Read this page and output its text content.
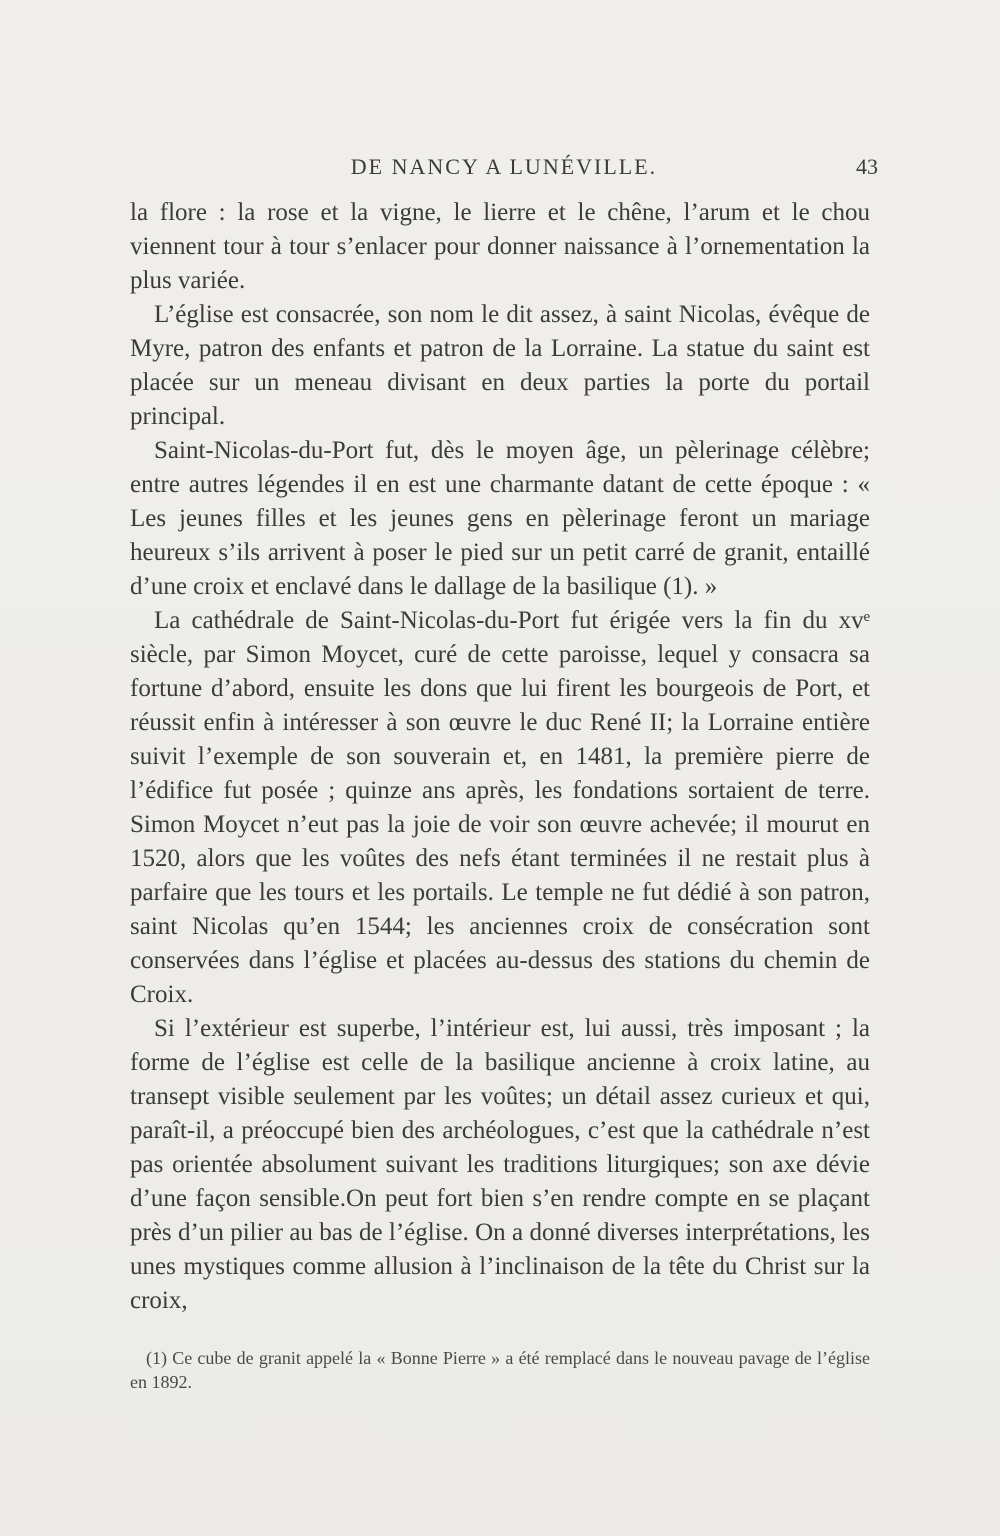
DE NANCY A LUNÉVILLE.	43

la flore : la rose et la vigne, le lierre et le chêne, l’arum et le chou viennent tour à tour s’enlacer pour donner naissance à l’ornementation la plus variée.

L’église est consacrée, son nom le dit assez, à saint Nicolas, évêque de Myre, patron des enfants et patron de la Lorraine. La statue du saint est placée sur un meneau divisant en deux parties la porte du portail principal.

Saint-Nicolas-du-Port fut, dès le moyen âge, un pèlerinage célèbre; entre autres légendes il en est une charmante datant de cette époque : « Les jeunes filles et les jeunes gens en pèlerinage feront un mariage heureux s’ils arrivent à poser le pied sur un petit carré de granit, entaillé d’une croix et enclavé dans le dallage de la basilique (1). »

La cathédrale de Saint-Nicolas-du-Port fut érigée vers la fin du xvᵉ siècle, par Simon Moycet, curé de cette paroisse, lequel y consacra sa fortune d’abord, ensuite les dons que lui firent les bourgeois de Port, et réussit enfin à intéresser à son œuvre le duc René II; la Lorraine entière suivit l’exemple de son souverain et, en 1481, la première pierre de l’édifice fut posée ; quinze ans après, les fondations sortaient de terre. Simon Moycet n’eut pas la joie de voir son œuvre achevée; il mourut en 1520, alors que les voûtes des nefs étant terminées il ne restait plus à parfaire que les tours et les portails. Le temple ne fut dédié à son patron, saint Nicolas qu’en 1544; les anciennes croix de consécration sont conservées dans l’église et placées au-dessus des stations du chemin de Croix.

Si l’extérieur est superbe, l’intérieur est, lui aussi, très imposant ; la forme de l’église est celle de la basilique ancienne à croix latine, au transept visible seulement par les voûtes; un détail assez curieux et qui, paraît-il, a préoccupé bien des archéologues, c’est que la cathédrale n’est pas orientée absolument suivant les traditions liturgiques; son axe dévie d’une façon sensible.On peut fort bien s’en rendre compte en se plaçant près d’un pilier au bas de l’église. On a donné diverses interprétations, les unes mystiques comme allusion à l’inclinaison de la tête du Christ sur la croix,

(1) Ce cube de granit appelé la « Bonne Pierre » a été remplacé dans le nouveau pavage de l’église en 1892.
